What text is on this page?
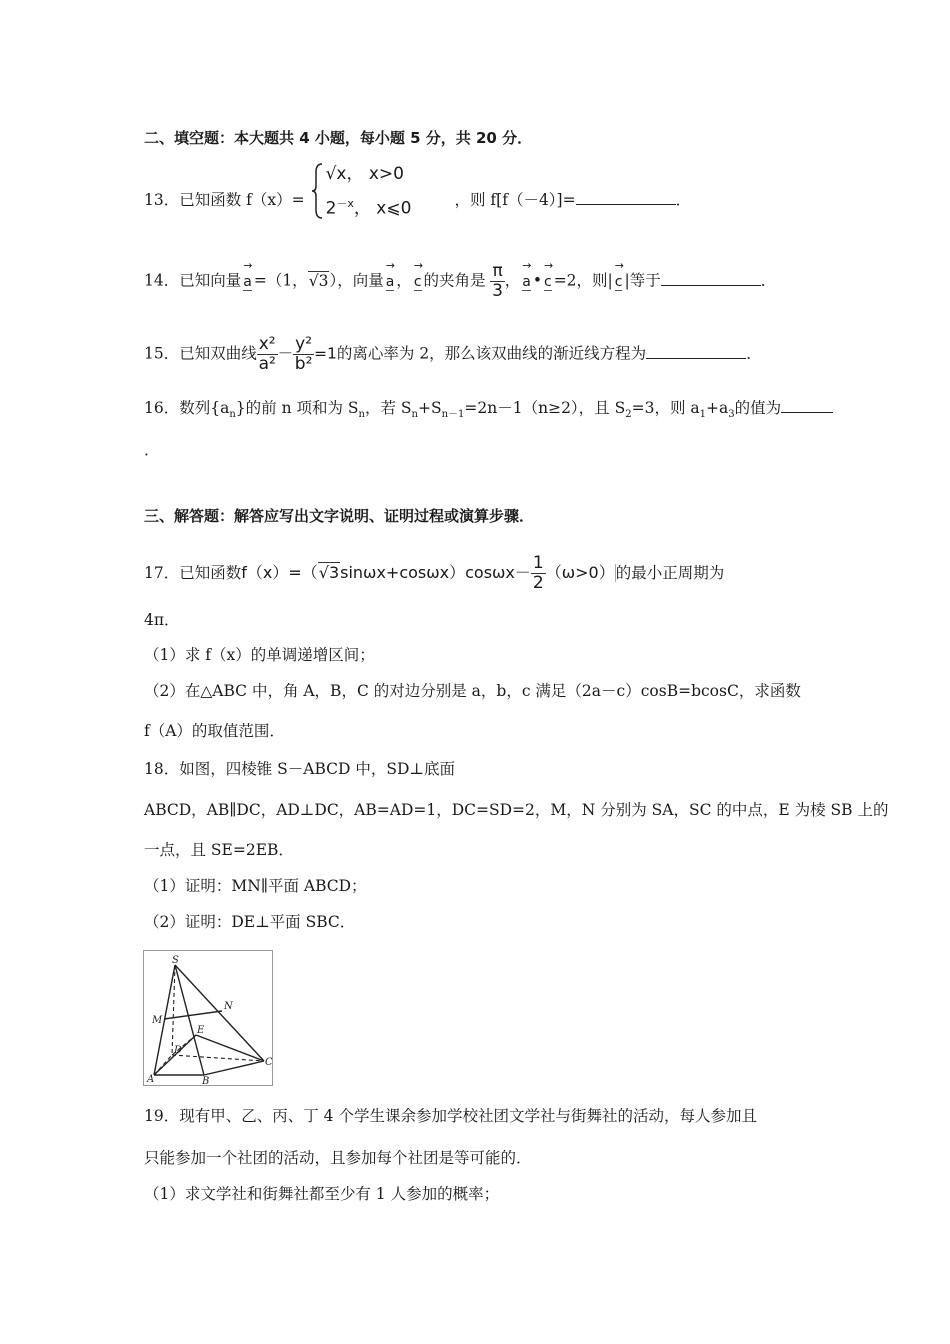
二、填空题：本大题共 4 小题，每小题 5 分，共 20 分．
13．已知函数 f（x）=
√x， x>0
$2^{-x}$， x⩽0	，则 f[f（－4）]=	．
14．已知向量
→
a =（1，√3），向量
→
a ，
→
c 的夹角是 $\frac{\pi}{3}$ ，
→
a •
→
c =2，则|
→
c |等于	．
15．已知双曲线 $\frac{\text{x²}}{\text{a²}} - \frac{\text{y²}}{\text{b²}} =1$的离心率为 2，那么该双曲线的渐近线方程为	．
16．数列$\{a_n\}$的前 n 项和为 $S_n$，若 $S_n+S_{n-1}=2n-1(n\ge 2)$，且 $S_2=3$，则 $a_1+a_3$的值为
．
三、解答题：解答应写出文字说明、证明过程或演算步骤．
17．已知函数$f(x)=(√3\sin\omega x+\cos\omega x)\cos\omega x- \frac{1}{2} (\omega>0)$的最小正周期为
4π．
（1）求 f（x）的单调递增区间；
（2）在△ABC 中，角 A，B，C 的对边分别是 a，b，c 满足（2a－c）cosB=bcosC，求函数
f（A）的取值范围．
18．如图，四棱锥 S－ABCD 中，SD⊥底面
ABCD，AB∥DC，AD⊥DC，AB=AD=1，DC=SD=2，M，N 分别为 SA，SC 的中点，E 为棱 SB 上的
一点，且 SE=2EB．
（1）证明：MN∥平面 ABCD；
（2）证明：DE⊥平面 SBC．
S
N
M
E
D
C
A	B
19．现有甲、乙、丙、丁 4 个学生课余参加学校社团文学社与街舞社的活动，每人参加且
只能参加一个社团的活动，且参加每个社团是等可能的．
（1）求文学社和街舞社都至少有 1 人参加的概率；
